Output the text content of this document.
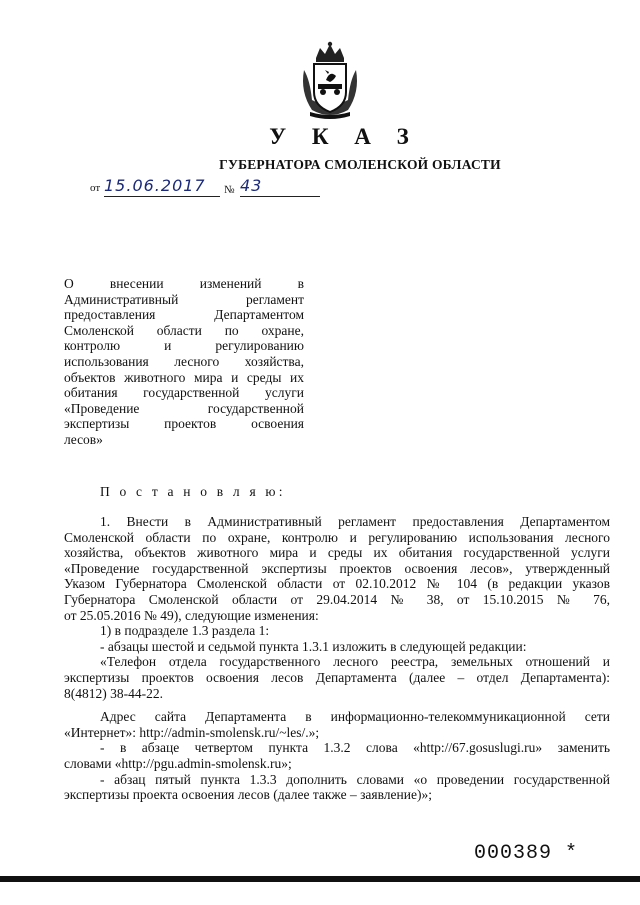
У К А З
ГУБЕРНАТОРА СМОЛЕНСКОЙ ОБЛАСТИ
от 15.06.2017	№ 43
О внесении изменений в
Административный регламент
предоставления Департаментом
Смоленской области по охране,
контролю и регулированию
использования лесного хозяйства,
объектов животного мира и среды их
обитания государственной услуги
«Проведение государственной
экспертизы проектов освоения
лесов»
П о с т а н о в л я ю:
1. Внести в Административный регламент предоставления Департаментом
Смоленской области по охране, контролю и регулированию использования лесного
хозяйства, объектов животного мира и среды их обитания государственной услуги
«Проведение государственной экспертизы проектов освоения лесов», утвержденный
Указом Губернатора Смоленской области от 02.10.2012 № 104 (в редакции указов
Губернатора Смоленской области от 29.04.2014 № 38, от 15.10.2015 № 76,
от 25.05.2016 № 49), следующие изменения:
1) в подразделе 1.3 раздела 1:
- абзацы шестой и седьмой пункта 1.3.1 изложить в следующей редакции:
«Телефон отдела государственного лесного реестра, земельных отношений и
экспертизы проектов освоения лесов Департамента (далее – отдел Департамента):
8(4812) 38-44-22.
Адрес сайта Департамента в информационно-телекоммуникационной сети
«Интернет»: http://admin-smolensk.ru/~les/.»;
- в абзаце четвертом пункта 1.3.2 слова «http://67.gosuslugi.ru» заменить
словами «http://pgu.admin-smolensk.ru»;
- абзац пятый пункта 1.3.3 дополнить словами «о проведении государственной
экспертизы проекта освоения лесов (далее также – заявление)»;
000389 *
